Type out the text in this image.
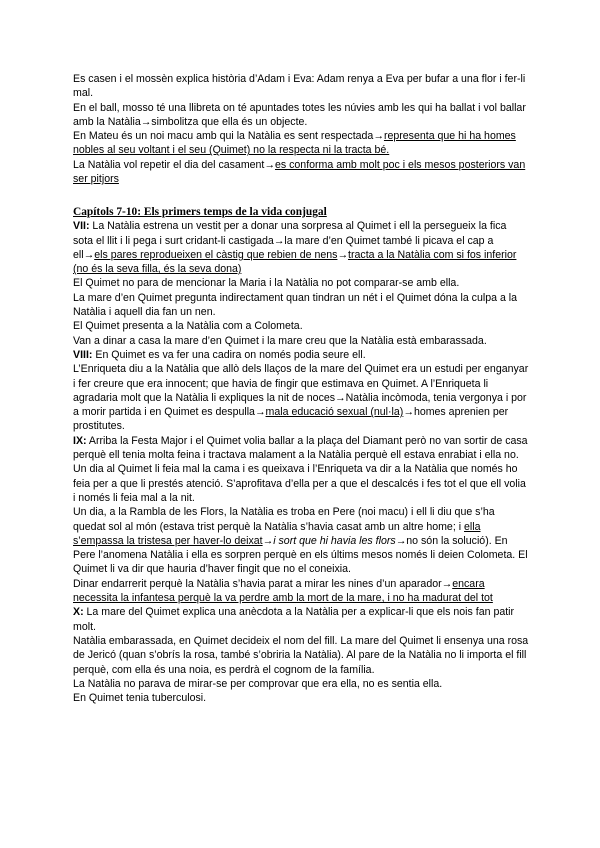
Es casen i el mossèn explica història d’Adam i Eva: Adam renya a Eva per bufar a una flor i fer-li mal.

En el ball, mosso té una llibreta on té apuntades totes les núvies amb les qui ha ballat i vol ballar amb la Natàlia→simbolitza que ella és un objecte.

En Mateu és un noi macu amb qui la Natàlia es sent respectada→representa que hi ha homes nobles al seu voltant i el seu (Quimet) no la respecta ni la tracta bé.

La Natàlia vol repetir el dia del casament→es conforma amb molt poc i els mesos posteriors van ser pitjors

Capítols 7-10: Els primers temps de la vida conjugal

VII: La Natàlia estrena un vestit per a donar una sorpresa al Quimet i ell la persegueix la fica sota el llit i li pega i surt cridant-li castigada→la mare d’en Quimet també li picava el cap a ell→els pares reprodueixen el càstig que rebien de nens→tracta a la Natàlia com si fos inferior (no és la seva filla, és la seva dona)

El Quimet no para de mencionar la Maria i la Natàlia no pot comparar-se amb ella.

La mare d’en Quimet pregunta indirectament quan tindran un nét i el Quimet dóna la culpa a la Natàlia i aquell dia fan un nen.

El Quimet presenta a la Natàlia com a Colometa.

Van a dinar a casa la mare d’en Quimet i la mare creu que la Natàlia està embarassada.

VIII: En Quimet es va fer una cadira on només podia seure ell.

L’Enriqueta diu a la Natàlia que allò dels llaços de la mare del Quimet era un estudi per enganyar i fer creure que era innocent; que havia de fingir que estimava en Quimet. A l’Enriqueta li agradaria molt que la Natàlia li expliques la nit de noces→Natàlia incòmoda, tenia vergonya i por a morir partida i en Quimet es despulla→mala educació sexual (nul·la)→homes aprenien per prostitutes.

IX: Arriba la Festa Major i el Quimet volia ballar a la plaça del Diamant però no van sortir de casa perquè ell tenia molta feina i tractava malament a la Natàlia perquè ell estava enrabiat i ella no.

Un dia al Quimet li feia mal la cama i es queixava i l’Enriqueta va dir a la Natàlia que només ho feia per a que li prestés atenció. S’aprofitava d’ella per a que el descalcés i fes tot el que ell volia i només li feia mal a la nit.

Un dia, a la Rambla de les Flors, la Natàlia es troba en Pere (noi macu) i ell li diu que s’ha quedat sol al món (estava trist perquè la Natàlia s’havia casat amb un altre home; i ella s’empassa la tristesa per haver-lo deixat→i sort que hi havia les flors→no són la solució). En Pere l’anomena Natàlia i ella es sorpren perquè en els últims mesos només li deien Colometa. El Quimet li va dir que hauria d’haver fingit que no el coneixia.

Dinar endarrerit perquè la Natàlia s’havia parat a mirar les nines d’un aparador→encara necessita la infantesa perquè la va perdre amb la mort de la mare, i no ha madurat del tot

X: La mare del Quimet explica una anècdota a la Natàlia per a explicar-li que els nois fan patir molt.

Natàlia embarassada, en Quimet decideix el nom del fill. La mare del Quimet li ensenya una rosa de Jericó (quan s’obrís la rosa, també s’obriria la Natàlia). Al pare de la Natàlia no li importa el fill perquè, com ella és una noia, es perdrà el cognom de la família.

La Natàlia no parava de mirar-se per comprovar que era ella, no es sentia ella.

En Quimet tenia tuberculosi.
